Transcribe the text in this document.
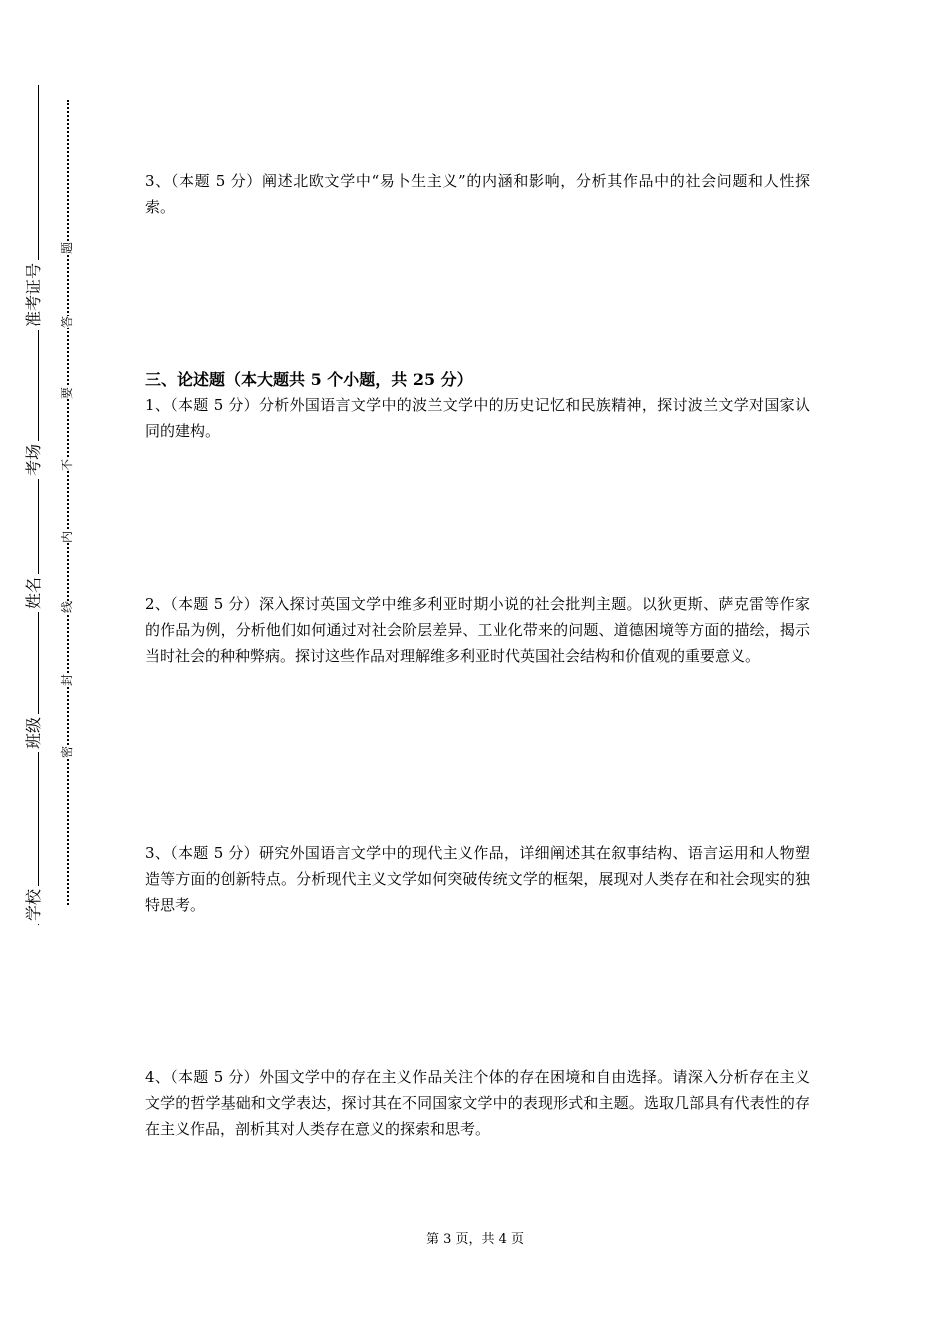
准考证号
考场
姓名
班级
学校
题
答
要
不
内
线
封
密

3、（本题 5 分）阐述北欧文学中“易卜生主义”的内涵和影响，分析其作品中的社会问题和人性探索。

三、论述题（本大题共 5 个小题，共 25 分）

1、（本题 5 分）分析外国语言文学中的波兰文学中的历史记忆和民族精神，探讨波兰文学对国家认同的建构。

2、（本题 5 分）深入探讨英国文学中维多利亚时期小说的社会批判主题。以狄更斯、萨克雷等作家的作品为例，分析他们如何通过对社会阶层差异、工业化带来的问题、道德困境等方面的描绘，揭示当时社会的种种弊病。探讨这些作品对理解维多利亚时代英国社会结构和价值观的重要意义。

3、（本题 5 分）研究外国语言文学中的现代主义作品，详细阐述其在叙事结构、语言运用和人物塑造等方面的创新特点。分析现代主义文学如何突破传统文学的框架，展现对人类存在和社会现实的独特思考。

4、（本题 5 分）外国文学中的存在主义作品关注个体的存在困境和自由选择。请深入分析存在主义文学的哲学基础和文学表达，探讨其在不同国家文学中的表现形式和主题。选取几部具有代表性的存在主义作品，剖析其对人类存在意义的探索和思考。

第 3 页，共 4 页
